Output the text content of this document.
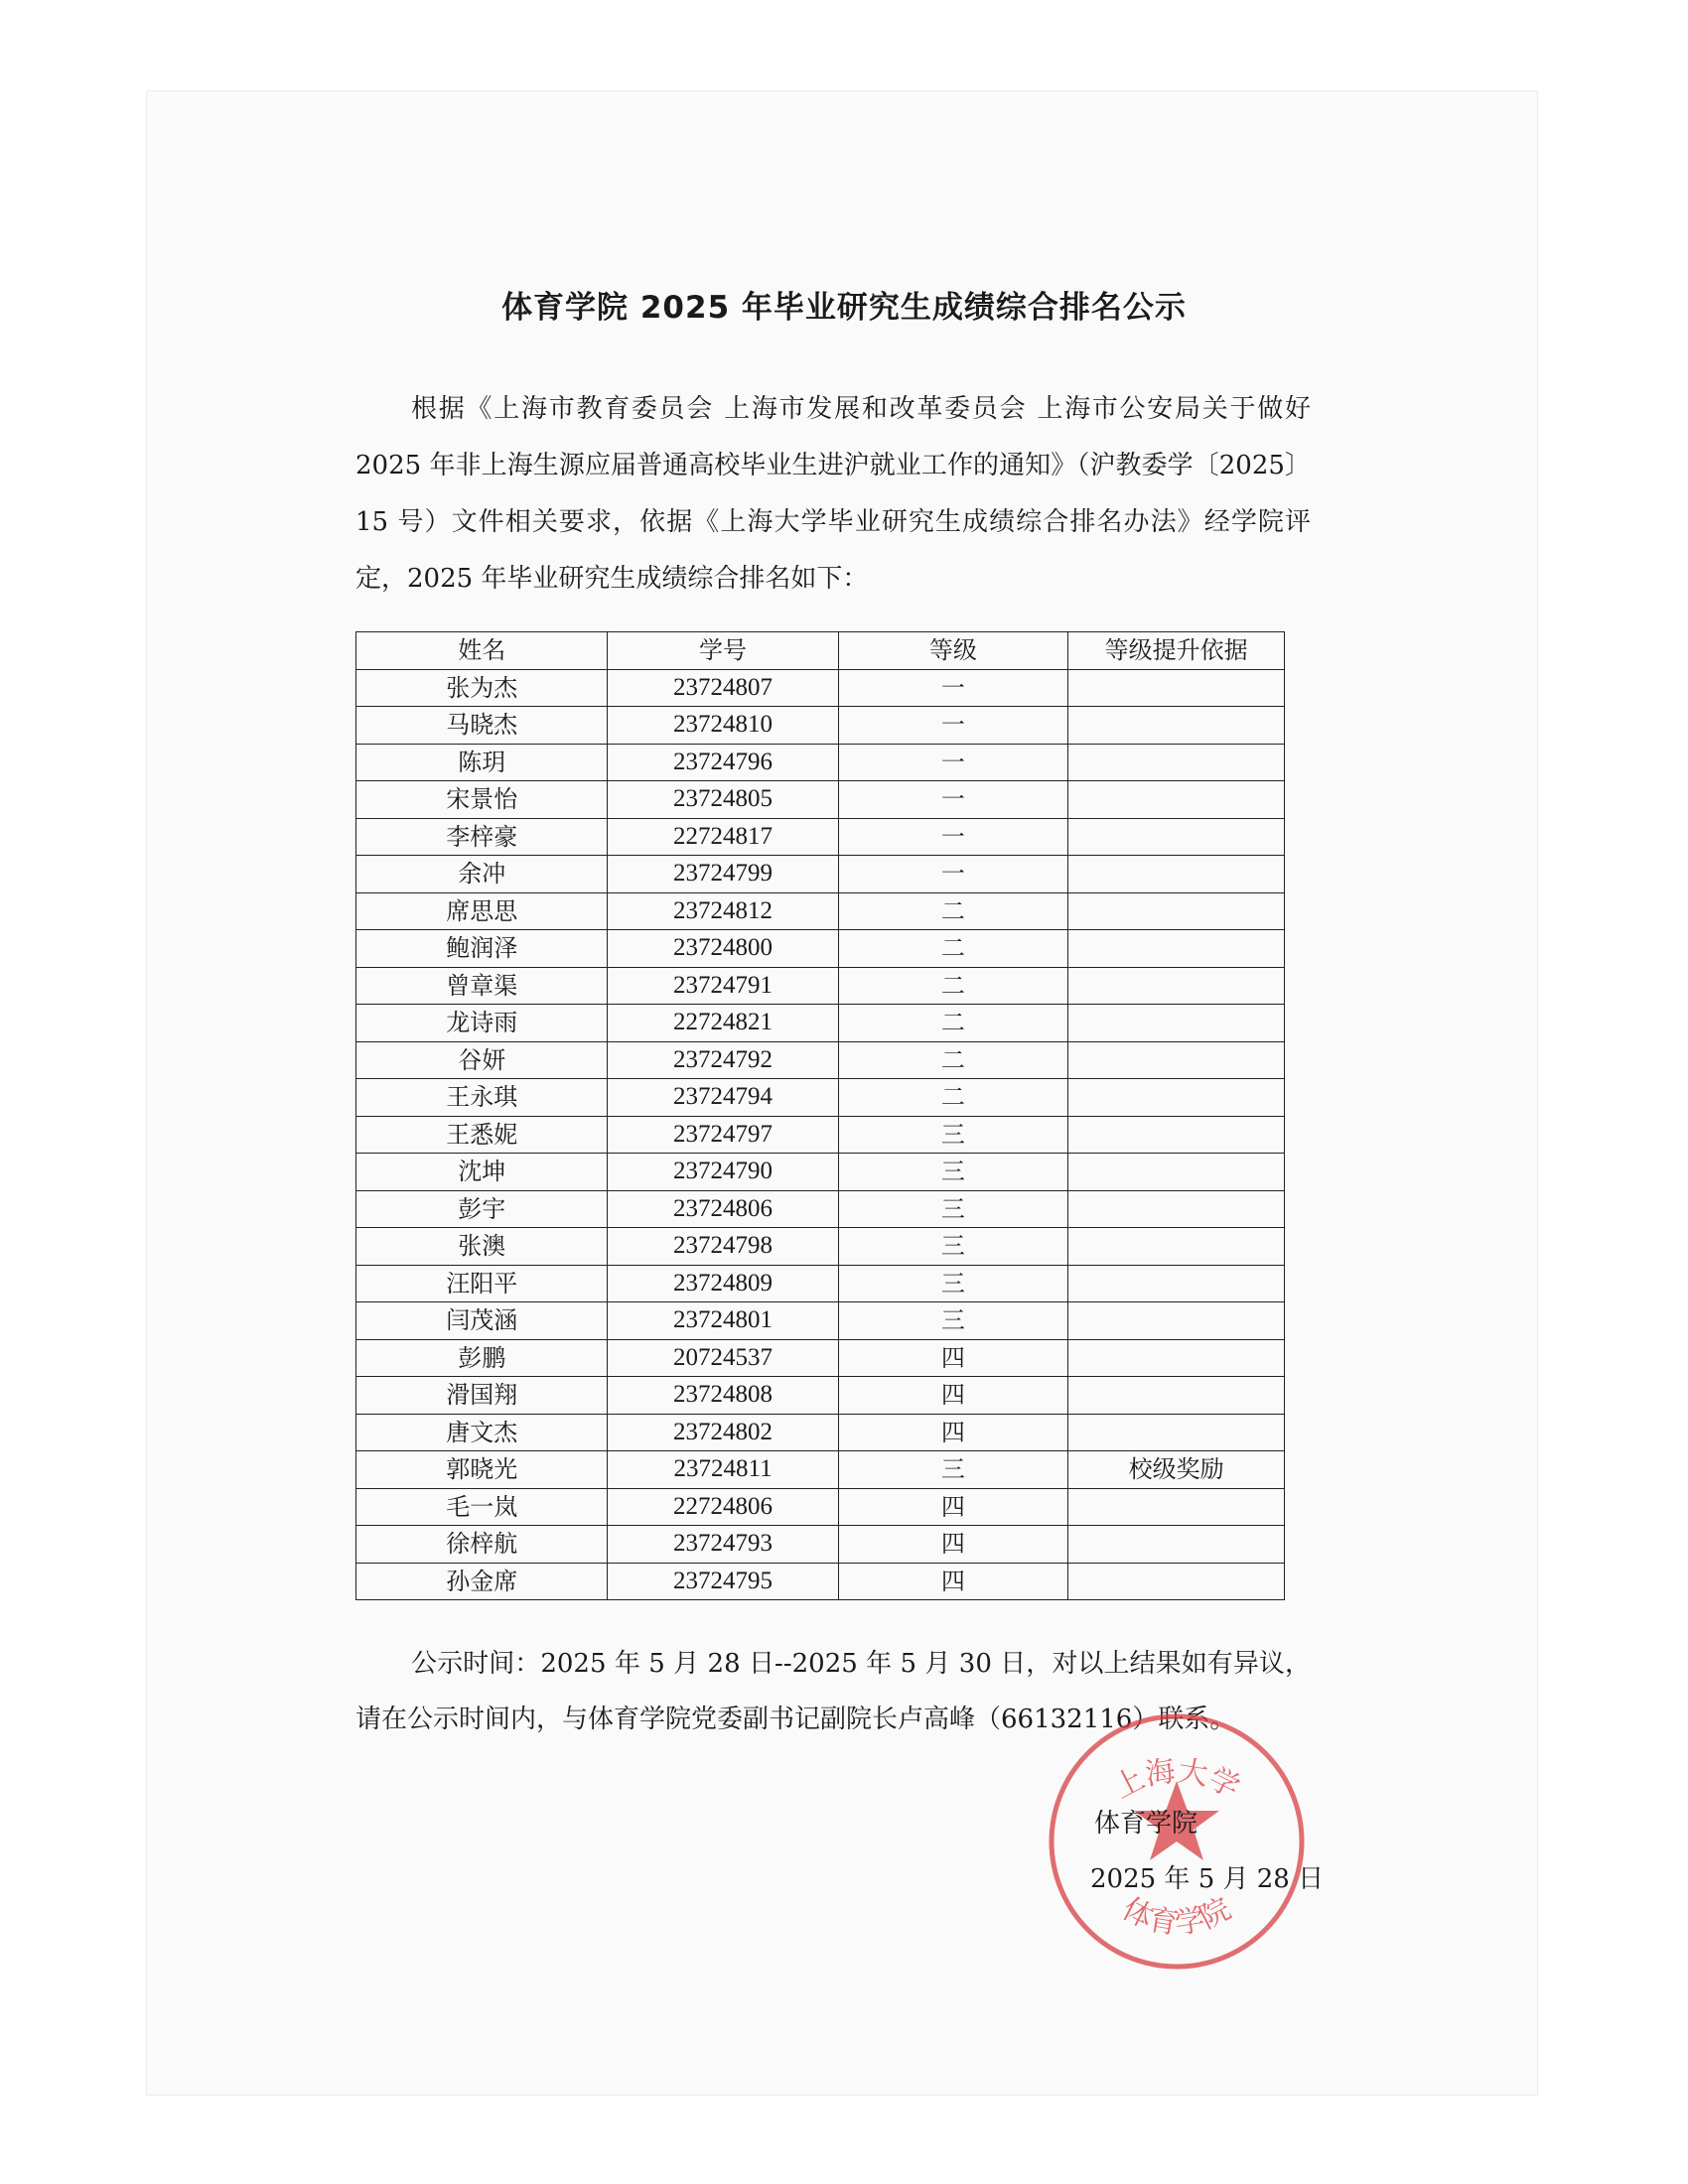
体育学院 2025 年毕业研究生成绩综合排名公示
根据《上海市教育委员会 上海市发展和改革委员会 上海市公安局关于做好 2025 年非上海生源应届普通高校毕业生进沪就业工作的通知》（沪教委学〔2025〕15 号）文件相关要求，依据《上海大学毕业研究生成绩综合排名办法》经学院评定，2025 年毕业研究生成绩综合排名如下：
姓名	学号	等级	等级提升依据
张为杰	23724807	一	
马晓杰	23724810	一	
陈玥	23724796	一	
宋景怡	23724805	一	
李梓豪	22724817	一	
余冲	23724799	一	
席思思	23724812	二	
鲍润泽	23724800	二	
曾章渠	23724791	二	
龙诗雨	22724821	二	
谷妍	23724792	二	
王永琪	23724794	二	
王悉妮	23724797	三	
沈坤	23724790	三	
彭宇	23724806	三	
张澳	23724798	三	
汪阳平	23724809	三	
闫茂涵	23724801	三	
彭鹏	20724537	四	
滑国翔	23724808	四	
唐文杰	23724802	四	
郭晓光	23724811	三	校级奖励
毛一岚	22724806	四	
徐梓航	23724793	四	
孙金席	23724795	四	
公示时间：2025 年 5 月 28 日--2025 年 5 月 30 日，对以上结果如有异议，请在公示时间内，与体育学院党委副书记副院长卢高峰（66132116）联系。
上海大学
体育学院
体育学院
2025 年 5 月 28 日
